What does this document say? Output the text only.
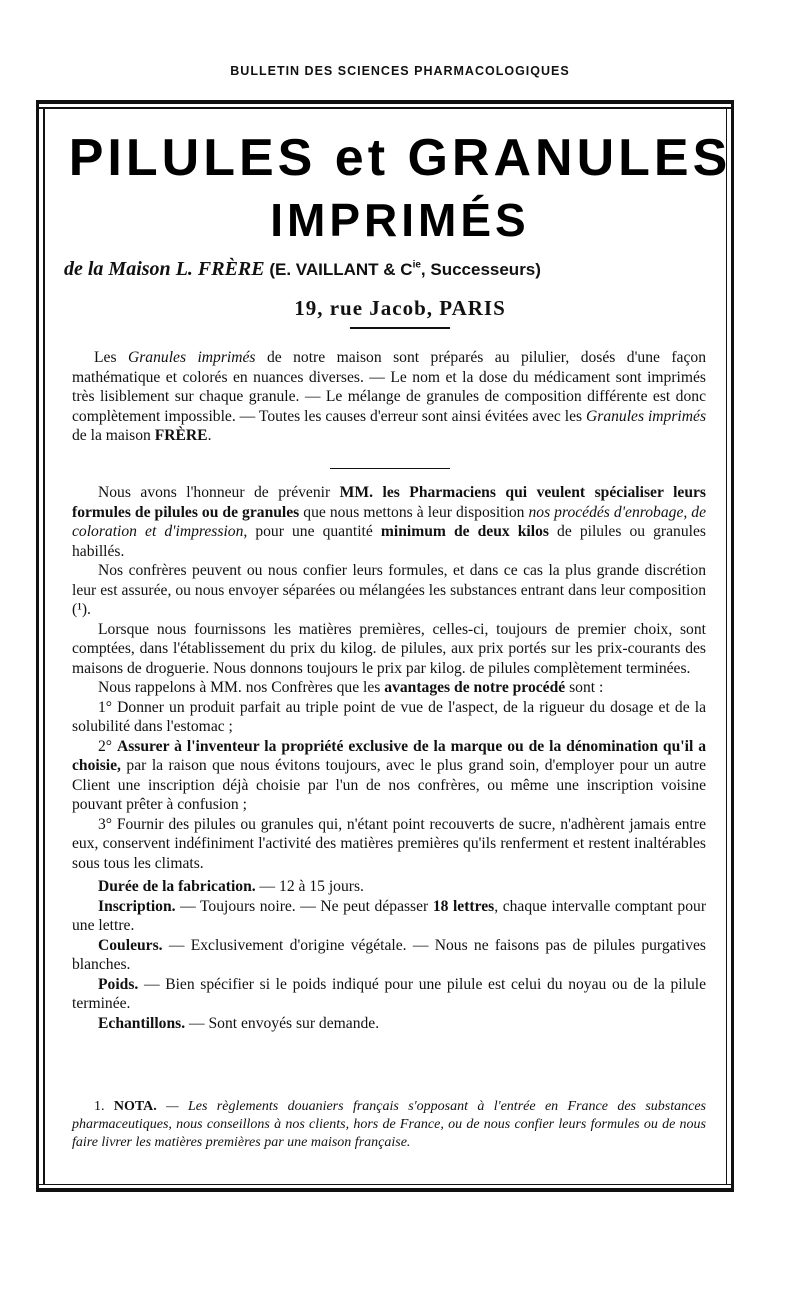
BULLETIN DES SCIENCES PHARMACOLOGIQUES
PILULES et GRANULES
IMPRIMÉS
de la Maison L. FRÈRE (E. VAILLANT & $C^{ie}$, Successeurs)
19, rue Jacob, PARIS
Les Granules imprimés de notre maison sont préparés au pilulier, dosés d'une façon mathématique et colorés en nuances diverses. — Le nom et la dose du médicament sont imprimés très lisiblement sur chaque granule. — Le mélange de granules de composition différente est donc complètement impossible. — Toutes les causes d'erreur sont ainsi évitées avec les Granules imprimés de la maison FRÈRE.

Nous avons l'honneur de prévenir MM. les Pharmaciens qui veulent spécialiser leurs formules de pilules ou de granules que nous mettons à leur disposition nos procédés d'enrobage, de coloration et d'impression, pour une quantité minimum de deux kilos de pilules ou granules habillés.

Nos confrères peuvent ou nous confier leurs formules, et dans ce cas la plus grande discrétion leur est assurée, ou nous envoyer séparées ou mélangées les substances entrant dans leur composition (¹).

Lorsque nous fournissons les matières premières, celles-ci, toujours de premier choix, sont comptées, dans l'établissement du prix du kilog. de pilules, aux prix portés sur les prix-courants des maisons de droguerie. Nous donnons toujours le prix par kilog. de pilules complètement terminées.

Nous rappelons à MM. nos Confrères que les avantages de notre procédé sont :

1° Donner un produit parfait au triple point de vue de l'aspect, de la rigueur du dosage et de la solubilité dans l'estomac ;

2° Assurer à l'inventeur la propriété exclusive de la marque ou de la dénomination qu'il a choisie, par la raison que nous évitons toujours, avec le plus grand soin, d'employer pour un autre Client une inscription déjà choisie par l'un de nos confrères, ou même une inscription voisine pouvant prêter à confusion ;

3° Fournir des pilules ou granules qui, n'étant point recouverts de sucre, n'adhèrent jamais entre eux, conservent indéfiniment l'activité des matières premières qu'ils renferment et restent inaltérables sous tous les climats.

Durée de la fabrication. — 12 à 15 jours.

Inscription. — Toujours noire. — Ne peut dépasser 18 lettres, chaque intervalle comptant pour une lettre.

Couleurs. — Exclusivement d'origine végétale. — Nous ne faisons pas de pilules purgatives blanches.

Poids. — Bien spécifier si le poids indiqué pour une pilule est celui du noyau ou de la pilule terminée.

Echantillons. — Sont envoyés sur demande.

1. NOTA. — Les règlements douaniers français s'opposant à l'entrée en France des substances pharmaceutiques, nous conseillons à nos clients, hors de France, ou de nous confier leurs formules ou de nous faire livrer les matières premières par une maison française.
